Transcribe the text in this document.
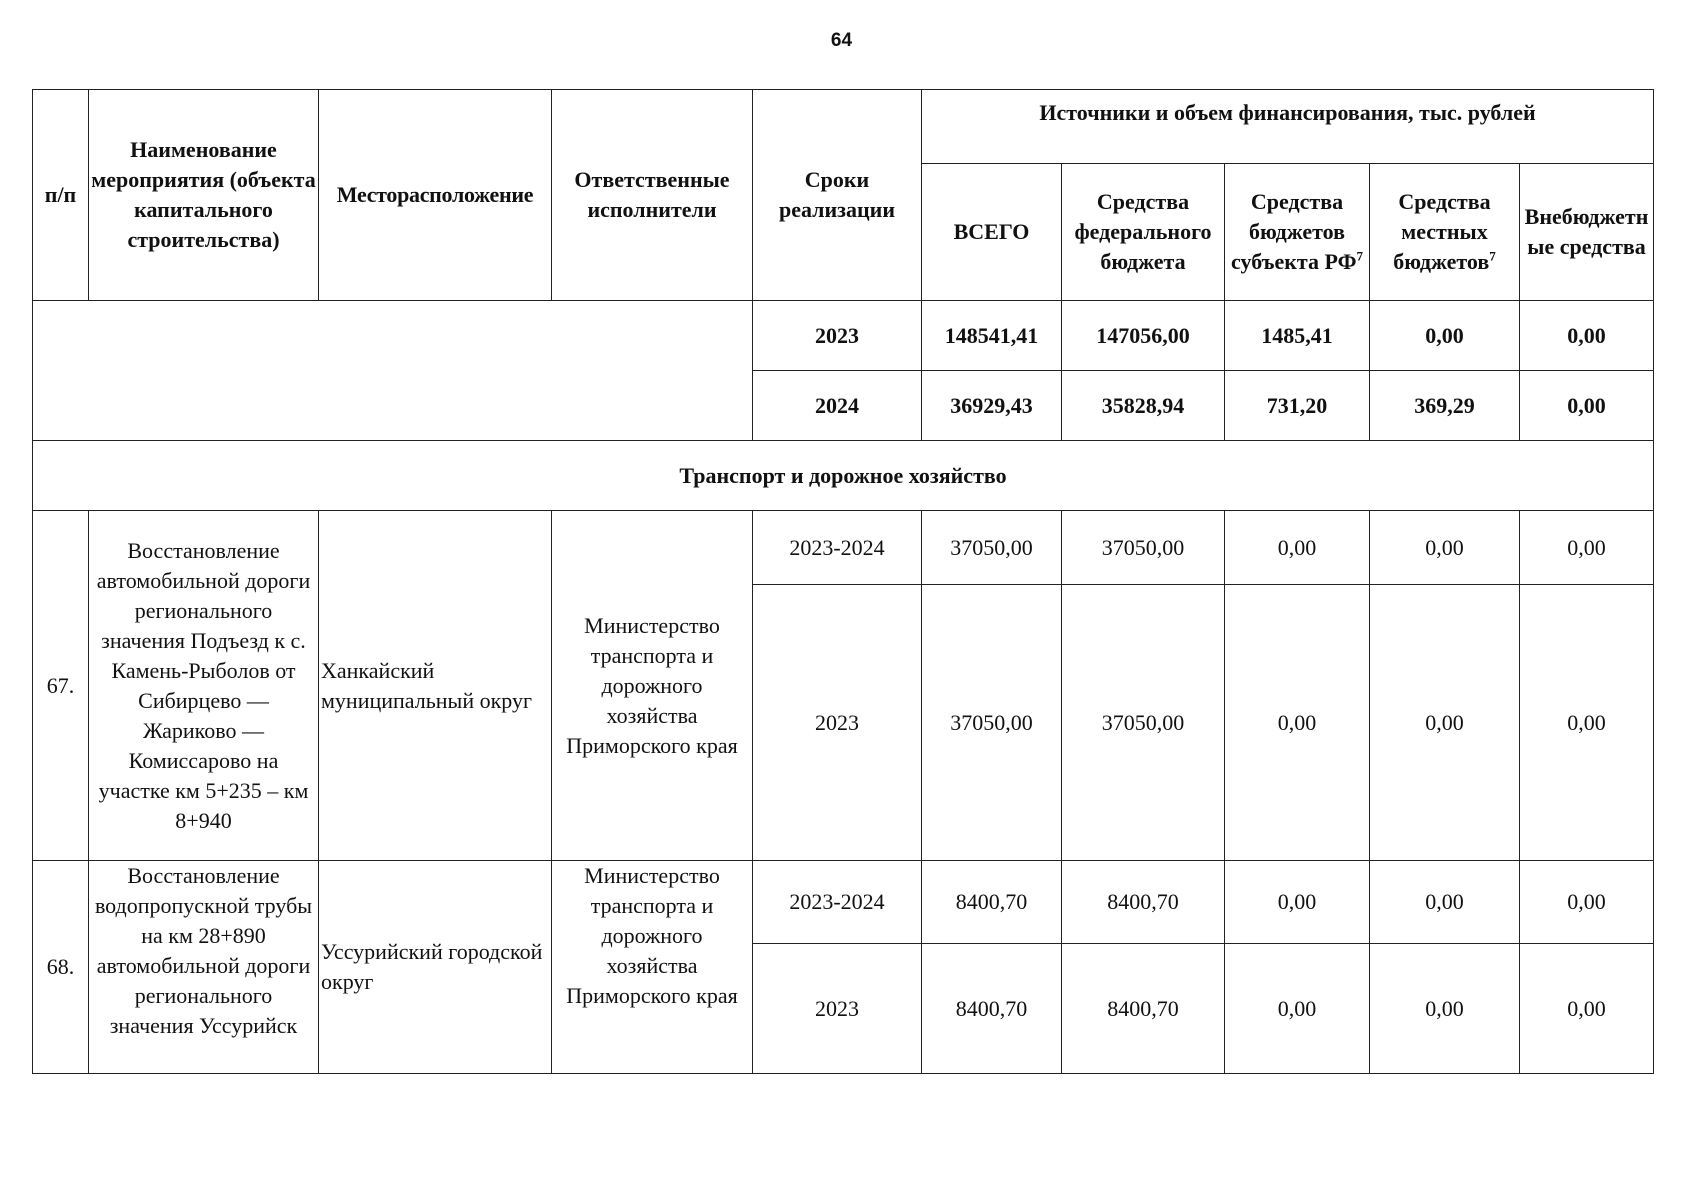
64
п/п	Наименование мероприятия (объекта капитального строительства)	Месторасположение	Ответственные исполнители	Сроки реализации	Источники и объем финансирования, тыс. рублей				
					ВСЕГО	Средства федерального бюджета	Средства бюджетов субъекта $РФ^7$	Средства местных бюджетов$^7$	Внебюджетные средства
				2023	148541,41	147056,00	1485,41	0,00	0,00
				2024	36929,43	35828,94	731,20	369,29	0,00
Транспорт и дорожное хозяйство									
67.	Восстановление автомобильной дороги регионального значения Подъезд к с. Камень-Рыболов от Сибирцево — Жариково — Комиссарово на участке км 5+235 – км 8+940	Ханкайский муниципальный округ	Министерство транспорта и дорожного хозяйства Приморского края	2023-2024	37050,00	37050,00	0,00	0,00	0,00
				2023	37050,00	37050,00	0,00	0,00	0,00
68.	Восстановление водопропускной трубы на км 28+890 автомобильной дороги регионального значения Уссурийск	Уссурийский городской округ	Министерство транспорта и дорожного хозяйства Приморского края	2023-2024	8400,70	8400,70	0,00	0,00	0,00
				2023	8400,70	8400,70	0,00	0,00	0,00
